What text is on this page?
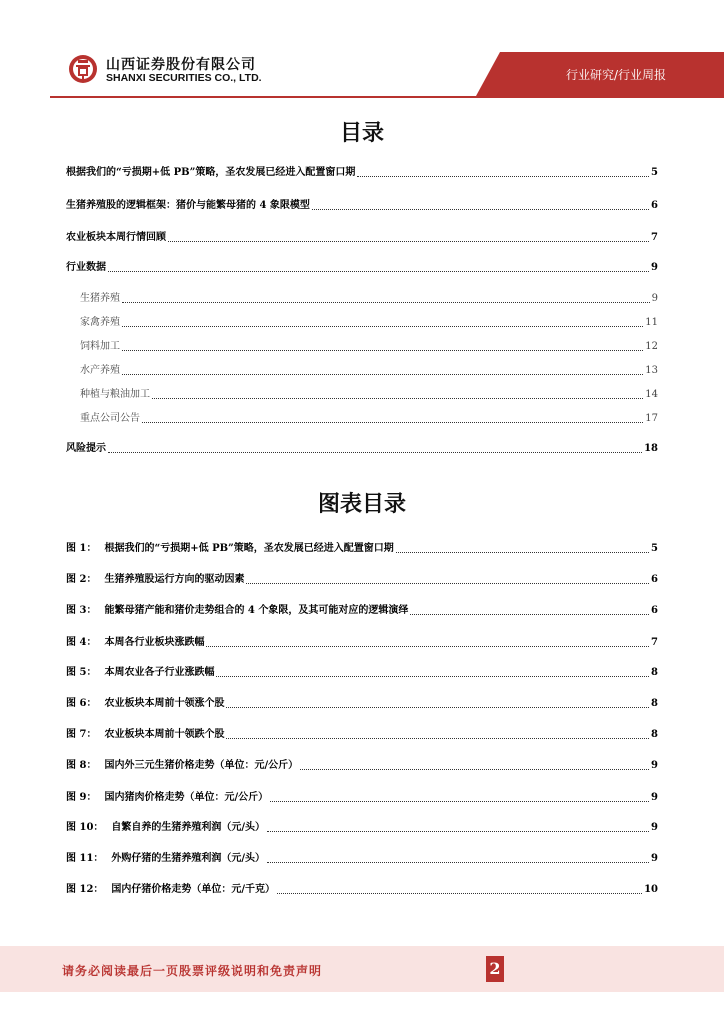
山西证券股份有限公司
SHANXI SECURITIES CO., LTD.	行业研究/行业周报
目录
根据我们的“亏损期+低 PB”策略，圣农发展已经进入配置窗口期	5
生猪养殖股的逻辑框架：猪价与能繁母猪的 4 象限模型	6
农业板块本周行情回顾	7
行业数据	9
生猪养殖	9
家禽养殖	11
饲料加工	12
水产养殖	13
种植与粮油加工	14
重点公司公告	17
风险提示	18
图表目录
图 1： 根据我们的“亏损期+低 PB”策略，圣农发展已经进入配置窗口期	5
图 2： 生猪养殖股运行方向的驱动因素	6
图 3： 能繁母猪产能和猪价走势组合的 4 个象限，及其可能对应的逻辑演绎	6
图 4： 本周各行业板块涨跌幅	7
图 5： 本周农业各子行业涨跌幅	8
图 6： 农业板块本周前十领涨个股	8
图 7： 农业板块本周前十领跌个股	8
图 8： 国内外三元生猪价格走势（单位：元/公斤）	9
图 9： 国内猪肉价格走势（单位：元/公斤）	9
图 10： 自繁自养的生猪养殖利润（元/头）	9
图 11： 外购仔猪的生猪养殖利润（元/头）	9
图 12： 国内仔猪价格走势（单位：元/千克）	10
请务必阅读最后一页股票评级说明和免责声明	2
